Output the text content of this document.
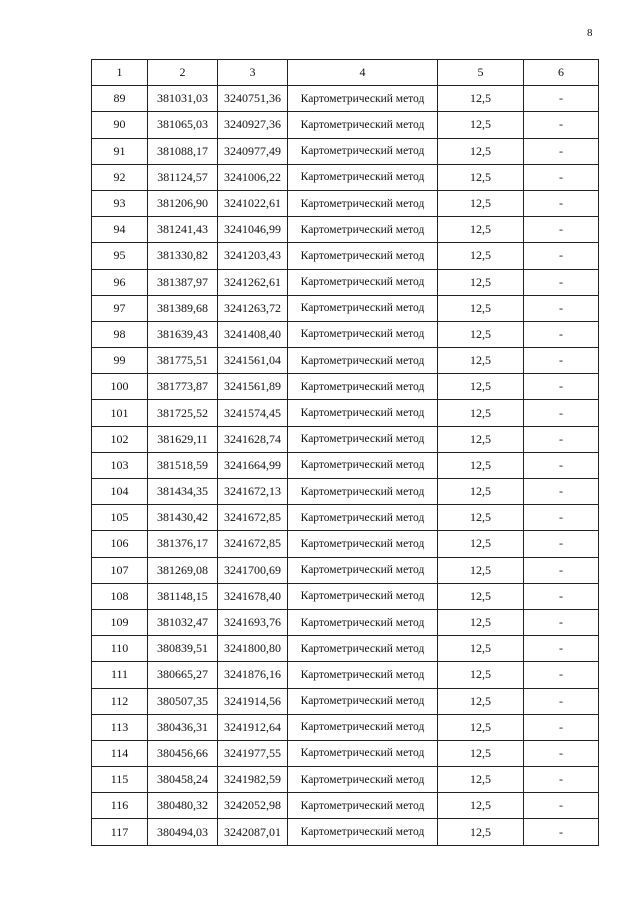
8
1	2	3	4	5	6
89	381031,03	3240751,36	Картометрический метод	12,5	-
90	381065,03	3240927,36	Картометрический метод	12,5	-
91	381088,17	3240977,49	Картометрический метод	12,5	-
92	381124,57	3241006,22	Картометрический метод	12,5	-
93	381206,90	3241022,61	Картометрический метод	12,5	-
94	381241,43	3241046,99	Картометрический метод	12,5	-
95	381330,82	3241203,43	Картометрический метод	12,5	-
96	381387,97	3241262,61	Картометрический метод	12,5	-
97	381389,68	3241263,72	Картометрический метод	12,5	-
98	381639,43	3241408,40	Картометрический метод	12,5	-
99	381775,51	3241561,04	Картометрический метод	12,5	-
100	381773,87	3241561,89	Картометрический метод	12,5	-
101	381725,52	3241574,45	Картометрический метод	12,5	-
102	381629,11	3241628,74	Картометрический метод	12,5	-
103	381518,59	3241664,99	Картометрический метод	12,5	-
104	381434,35	3241672,13	Картометрический метод	12,5	-
105	381430,42	3241672,85	Картометрический метод	12,5	-
106	381376,17	3241672,85	Картометрический метод	12,5	-
107	381269,08	3241700,69	Картометрический метод	12,5	-
108	381148,15	3241678,40	Картометрический метод	12,5	-
109	381032,47	3241693,76	Картометрический метод	12,5	-
110	380839,51	3241800,80	Картометрический метод	12,5	-
111	380665,27	3241876,16	Картометрический метод	12,5	-
112	380507,35	3241914,56	Картометрический метод	12,5	-
113	380436,31	3241912,64	Картометрический метод	12,5	-
114	380456,66	3241977,55	Картометрический метод	12,5	-
115	380458,24	3241982,59	Картометрический метод	12,5	-
116	380480,32	3242052,98	Картометрический метод	12,5	-
117	380494,03	3242087,01	Картометрический метод	12,5	-
